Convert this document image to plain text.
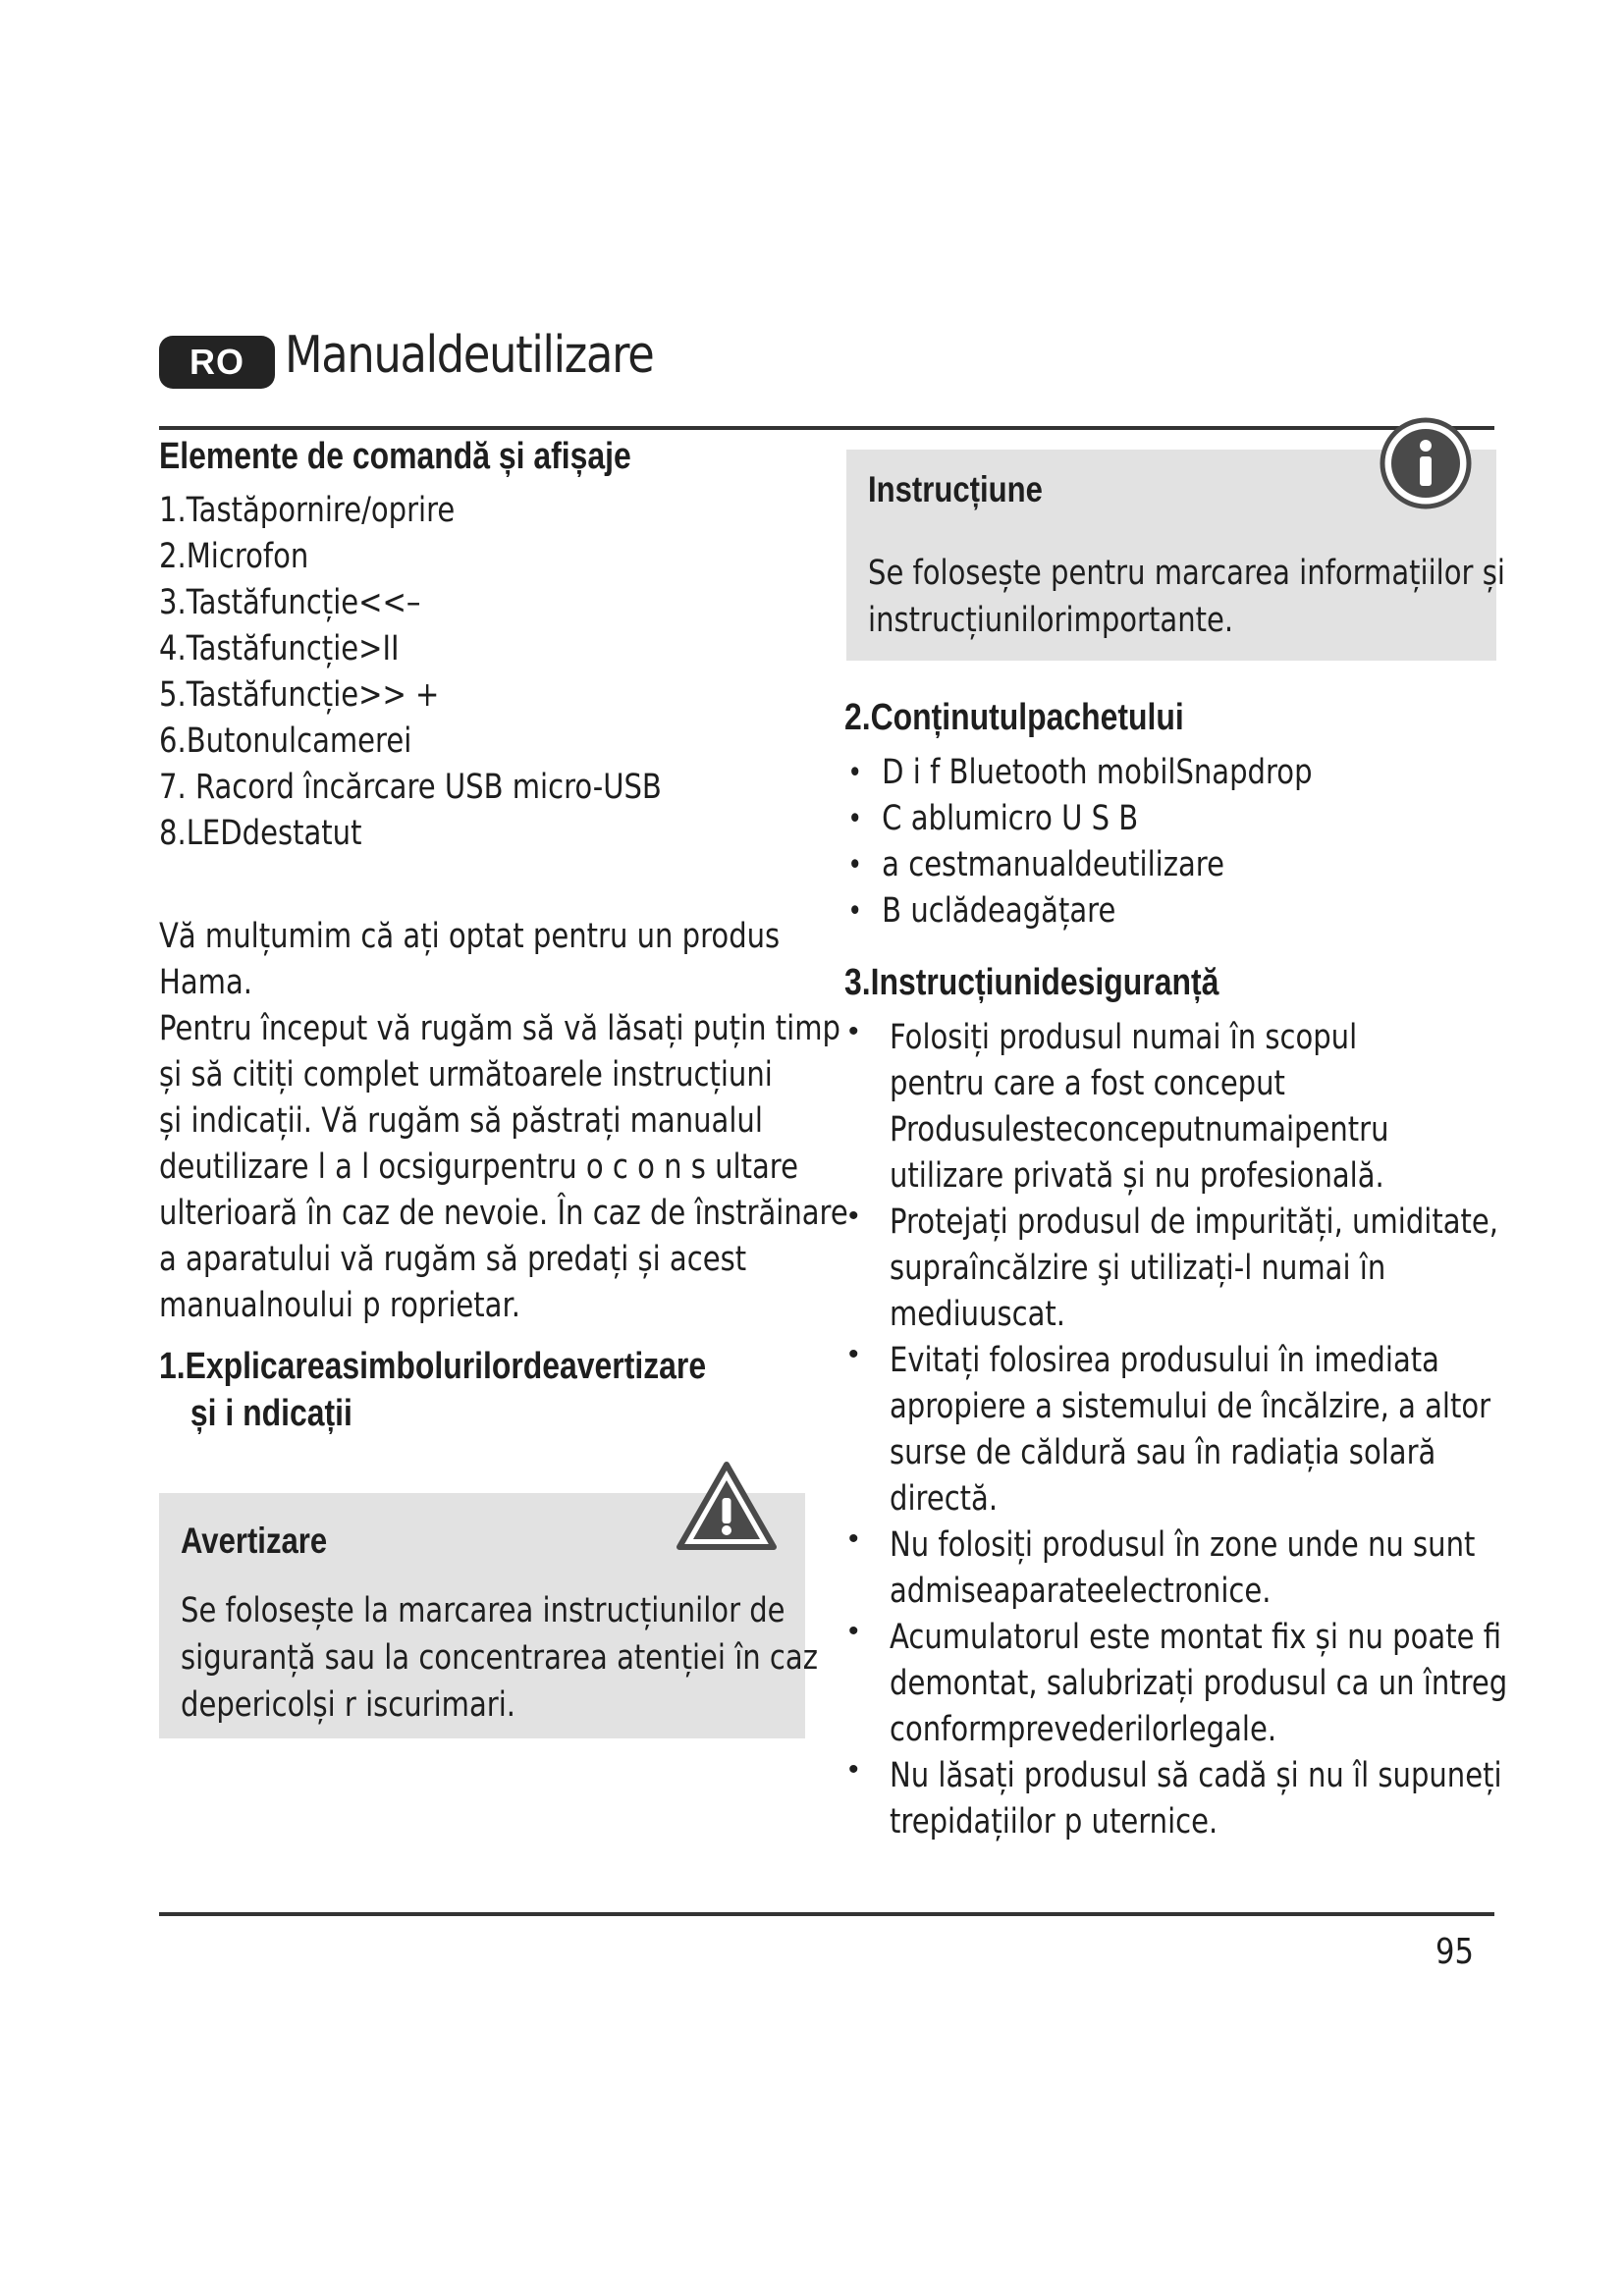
RO Manualdeutilizare
Elemente de comandă și afișaje
1.Tastăpornire/oprire
2.Microfon
3.Tastăfuncție<<–
4.Tastăfuncție>II
5.Tastăfuncție>> +
6.Butonulcamerei
7. Racord încărcare USB micro-USB
8.LEDdestatut
Vă mulțumim că ați optat pentru un produs
Hama.
Pentru început vă rugăm să vă lăsați puțin timp
și să citiți complet următoarele instrucțiuni
și indicații. Vă rugăm să păstrați manualul
deutilizare l a l ocsigurpentru o c o n s ultare
ulterioară în caz de nevoie. În caz de înstrăinare
a aparatului vă rugăm să predați și acest
manualnoului p roprietar.
1.Explicareasimbolurilordeavertizare
și i ndicații
Avertizare
Se folosește la marcarea instrucțiunilor de
siguranță sau la concentrarea atenției în caz
depericolși r iscurimari.
Instrucțiune
Se folosește pentru marcarea informațiilor și
instrucțiunilorimportante.
2.Conținutulpachetului
• D i f Bluetooth mobilSnapdrop
• C ablumicro U S B
• a cestmanualdeutilizare
• B uclădeagățare
3.Instrucțiunidesiguranță
• Folosiți produsul numai în scopul
pentru care a fost conceput
Produsulesteconceputnumaipentru
utilizare privată și nu profesională.
• Protejați produsul de impurități, umiditate,
supraîncălzire şi utilizați-l numai în
mediuuscat.
• Evitați folosirea produsului în imediata
apropiere a sistemului de încălzire, a altor
surse de căldură sau în radiația solară
directă.
• Nu folosiți produsul în zone unde nu sunt
admiseaparateelectronice.
• Acumulatorul este montat fix și nu poate fi
demontat, salubrizați produsul ca un întreg
conformprevederilorlegale.
• Nu lăsați produsul să cadă și nu îl supuneți
trepidațiilor p uternice.
95
